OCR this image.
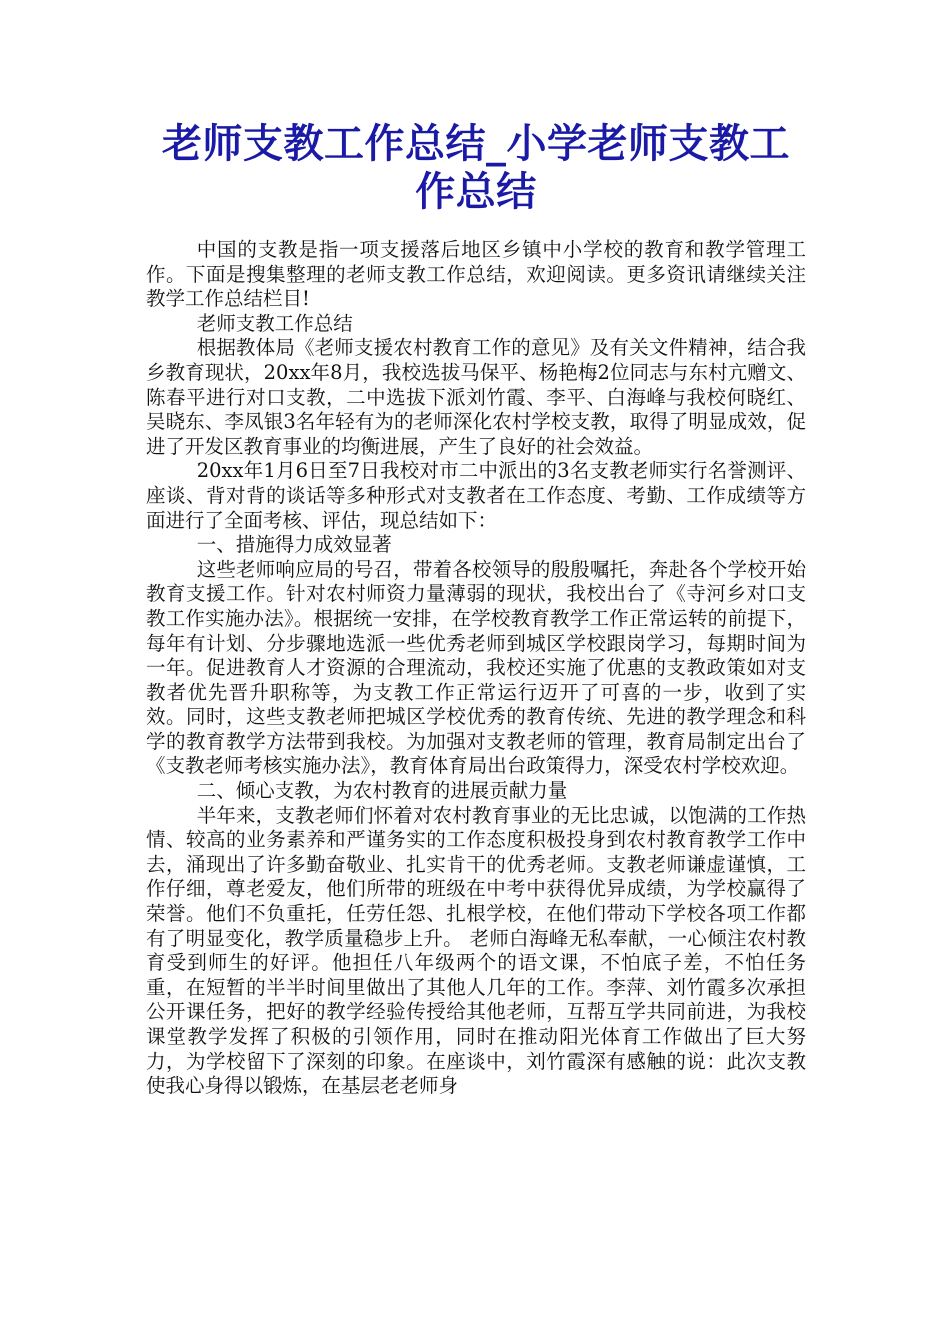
老师支教工作总结_小学老师支教工作总结

中国的支教是指一项支援落后地区乡镇中小学校的教育和教学管理工作。下面是搜集整理的老师支教工作总结，欢迎阅读。更多资讯请继续关注教学工作总结栏目!

老师支教工作总结

根据教体局《老师支援农村教育工作的意见》及有关文件精神，结合我乡教育现状，20xx年8月，我校选拔马保平、杨艳梅2位同志与东村亢赠文、陈春平进行对口支教，二中选拔下派刘竹霞、李平、白海峰与我校何晓红、吴晓东、李凤银3名年轻有为的老师深化农村学校支教，取得了明显成效，促进了开发区教育事业的均衡进展，产生了良好的社会效益。

20xx年1月6日至7日我校对市二中派出的3名支教老师实行名誉测评、座谈、背对背的谈话等多种形式对支教者在工作态度、考勤、工作成绩等方面进行了全面考核、评估，现总结如下：

一、措施得力成效显著

这些老师响应局的号召，带着各校领导的殷殷嘱托，奔赴各个学校开始教育支援工作。针对农村师资力量薄弱的现状，我校出台了《寺河乡对口支教工作实施办法》。根据统一安排，在学校教育教学工作正常运转的前提下，每年有计划、分步骤地选派一些优秀老师到城区学校跟岗学习，每期时间为一年。促进教育人才资源的合理流动，我校还实施了优惠的支教政策如对支教者优先晋升职称等，为支教工作正常运行迈开了可喜的一步，收到了实效。同时，这些支教老师把城区学校优秀的教育传统、先进的教学理念和科学的教育教学方法带到我校。为加强对支教老师的管理，教育局制定出台了《支教老师考核实施办法》，教育体育局出台政策得力，深受农村学校欢迎。

二、倾心支教，为农村教育的进展贡献力量

半年来，支教老师们怀着对农村教育事业的无比忠诚，以饱满的工作热情、较高的业务素养和严谨务实的工作态度积极投身到农村教育教学工作中去，涌现出了许多勤奋敬业、扎实肯干的优秀老师。支教老师谦虚谨慎，工作仔细，尊老爱友，他们所带的班级在中考中获得优异成绩，为学校赢得了荣誉。他们不负重托，任劳任怨、扎根学校，在他们带动下学校各项工作都有了明显变化，教学质量稳步上升。 老师白海峰无私奉献，一心倾注农村教育受到师生的好评。他担任八年级两个的语文课，不怕底子差，不怕任务重，在短暂的半半时间里做出了其他人几年的工作。李萍、刘竹霞多次承担公开课任务，把好的教学经验传授给其他老师，互帮互学共同前进，为我校课堂教学发挥了积极的引领作用，同时在推动阳光体育工作做出了巨大努力，为学校留下了深刻的印象。在座谈中，刘竹霞深有感触的说：此次支教使我心身得以锻炼，在基层老老师身
